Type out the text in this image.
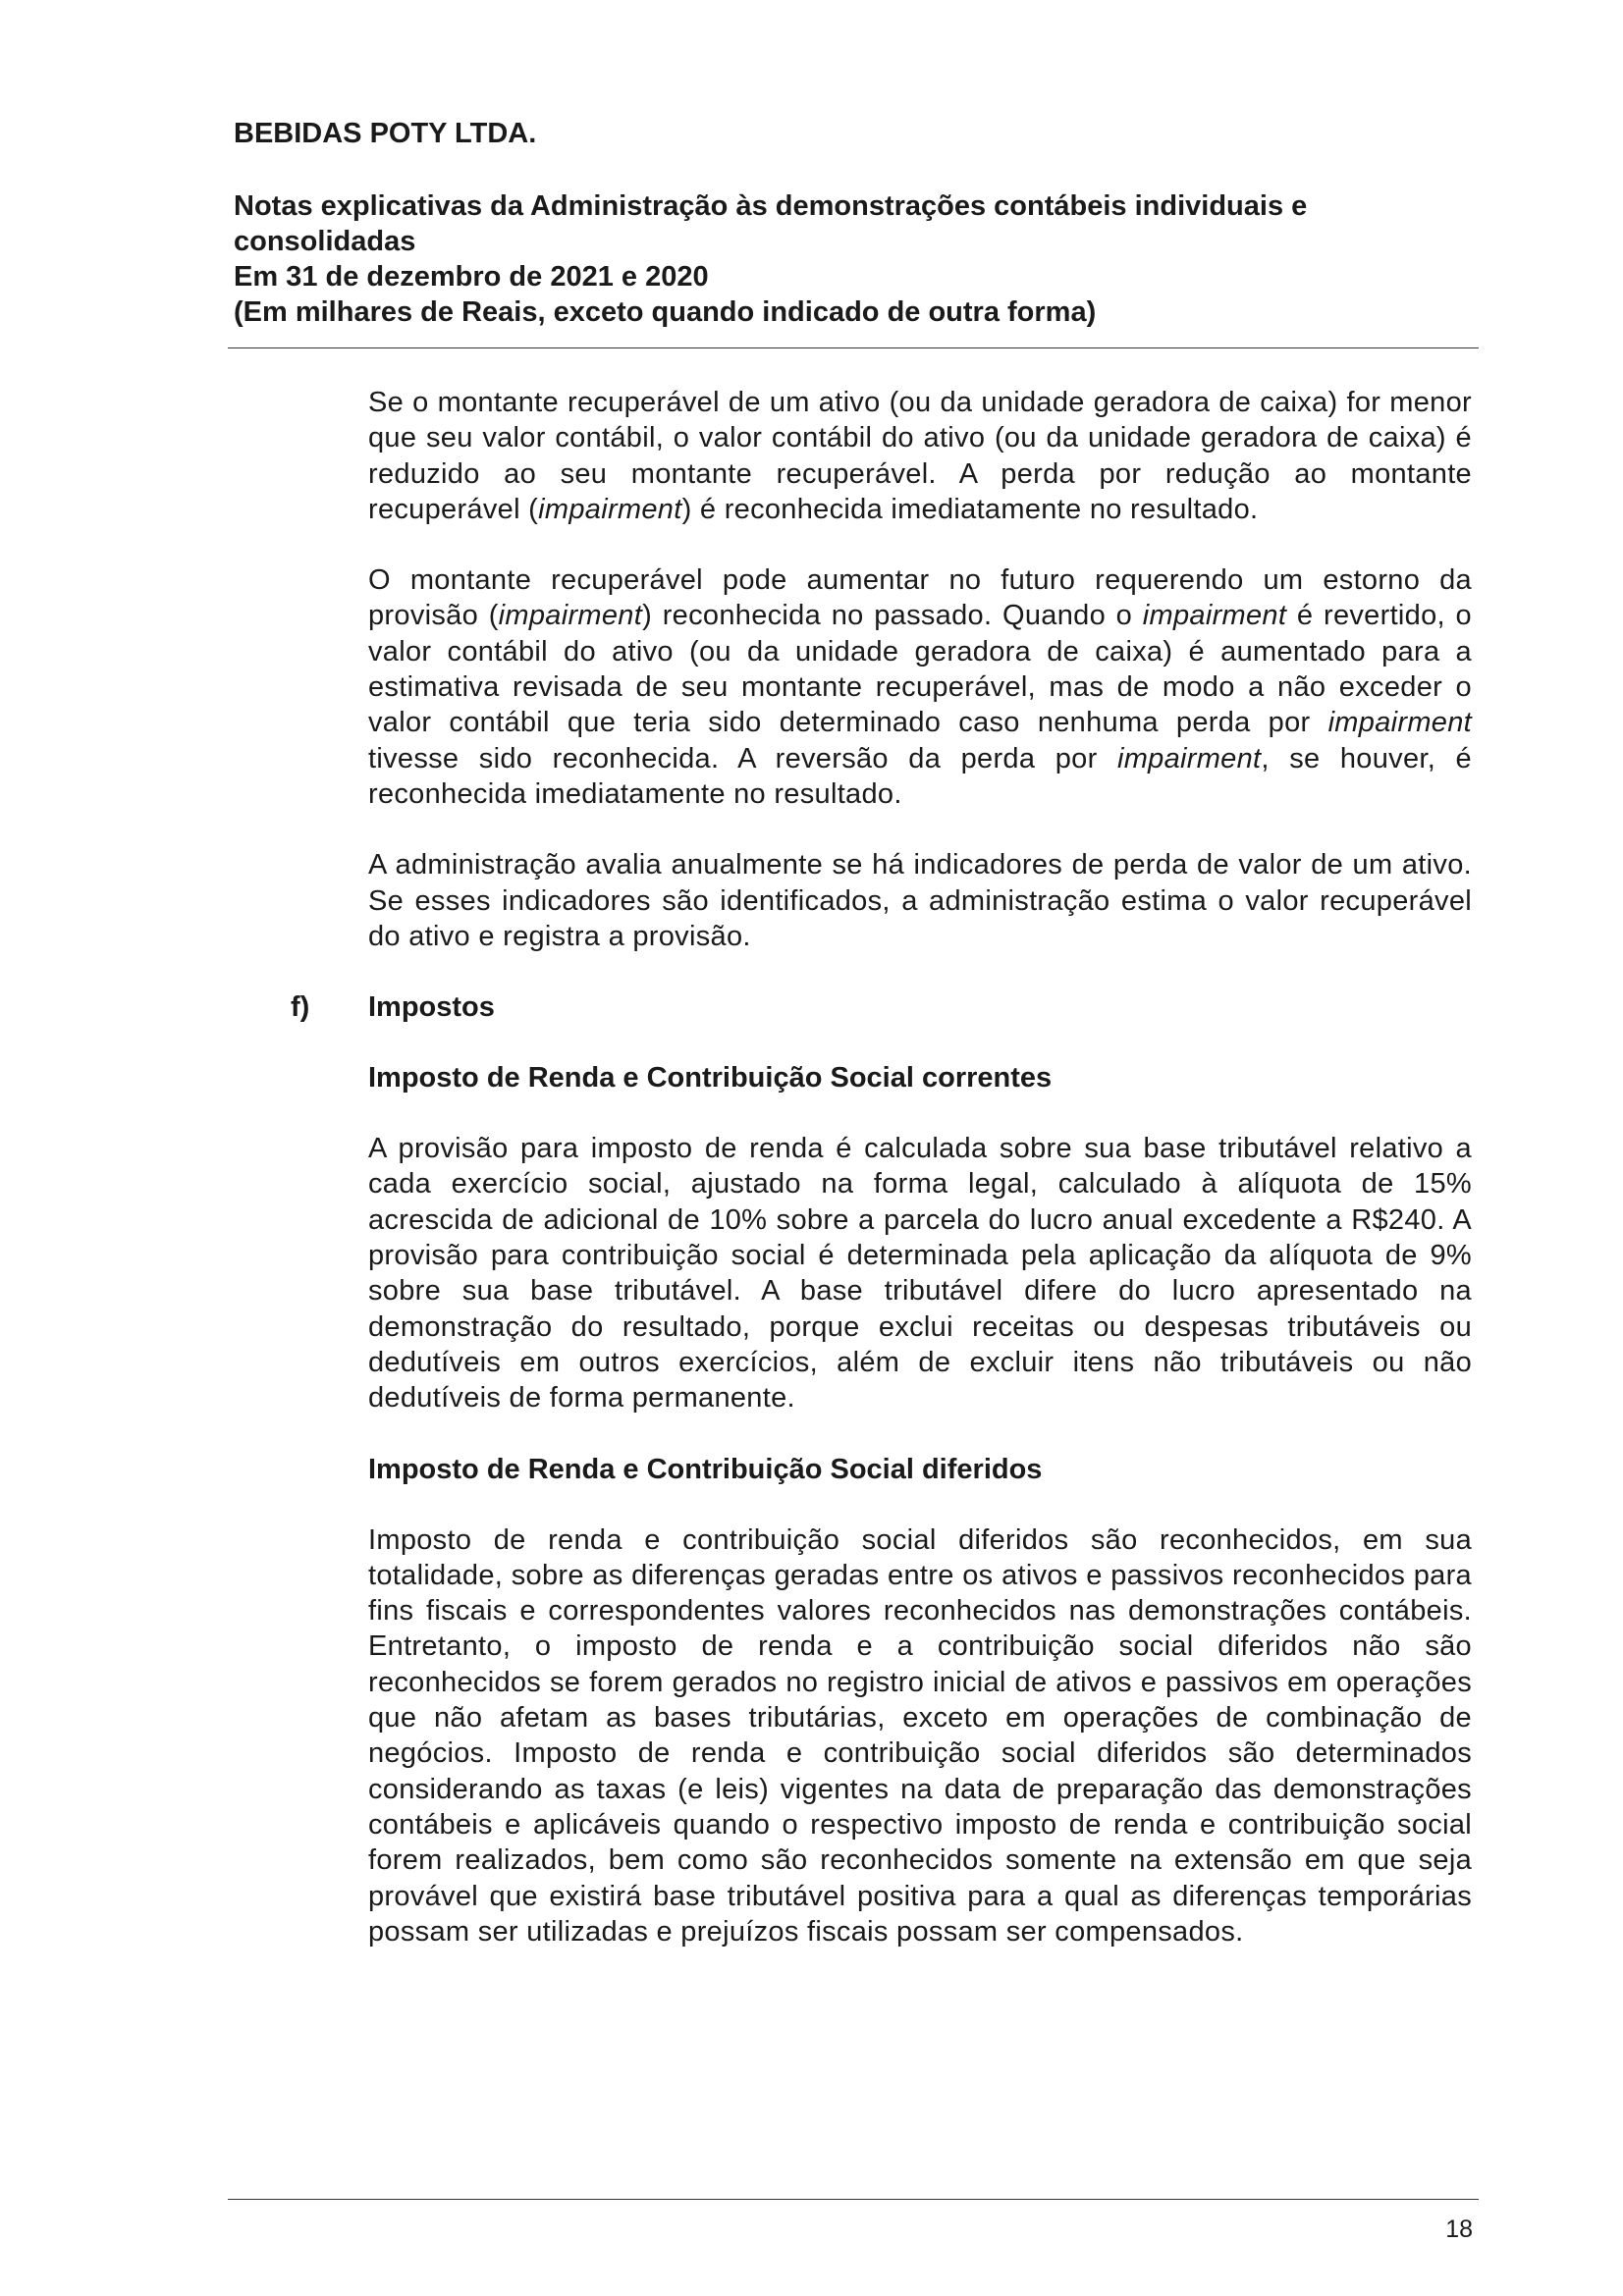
BEBIDAS POTY LTDA.

Notas explicativas da Administração às demonstrações contábeis individuais e

consolidadas

Em 31 de dezembro de 2021 e 2020

(Em milhares de Reais, exceto quando indicado de outra forma)

Se o montante recuperável de um ativo (ou da unidade geradora de caixa) for menor que seu valor contábil, o valor contábil do ativo (ou da unidade geradora de caixa) é reduzido ao seu montante recuperável. A perda por redução ao montante recuperável (impairment) é reconhecida imediatamente no resultado.

O montante recuperável pode aumentar no futuro requerendo um estorno da provisão (impairment) reconhecida no passado. Quando o impairment é revertido, o valor contábil do ativo (ou da unidade geradora de caixa) é aumentado para a estimativa revisada de seu montante recuperável, mas de modo a não exceder o valor contábil que teria sido determinado caso nenhuma perda por impairment tivesse sido reconhecida. A reversão da perda por impairment, se houver, é reconhecida imediatamente no resultado.

A administração avalia anualmente se há indicadores de perda de valor de um ativo. Se esses indicadores são identificados, a administração estima o valor recuperável do ativo e registra a provisão.

f) Impostos

Imposto de Renda e Contribuição Social correntes

A provisão para imposto de renda é calculada sobre sua base tributável relativo a cada exercício social, ajustado na forma legal, calculado à alíquota de 15% acrescida de adicional de 10% sobre a parcela do lucro anual excedente a R$240. A provisão para contribuição social é determinada pela aplicação da alíquota de 9% sobre sua base tributável. A base tributável difere do lucro apresentado na demonstração do resultado, porque exclui receitas ou despesas tributáveis ou dedutíveis em outros exercícios, além de excluir itens não tributáveis ou não dedutíveis de forma permanente.

Imposto de Renda e Contribuição Social diferidos

Imposto de renda e contribuição social diferidos são reconhecidos, em sua totalidade, sobre as diferenças geradas entre os ativos e passivos reconhecidos para fins fiscais e correspondentes valores reconhecidos nas demonstrações contábeis. Entretanto, o imposto de renda e a contribuição social diferidos não são reconhecidos se forem gerados no registro inicial de ativos e passivos em operações que não afetam as bases tributárias, exceto em operações de combinação de negócios. Imposto de renda e contribuição social diferidos são determinados considerando as taxas (e leis) vigentes na data de preparação das demonstrações contábeis e aplicáveis quando o respectivo imposto de renda e contribuição social forem realizados, bem como são reconhecidos somente na extensão em que seja provável que existirá base tributável positiva para a qual as diferenças temporárias possam ser utilizadas e prejuízos fiscais possam ser compensados.

18
